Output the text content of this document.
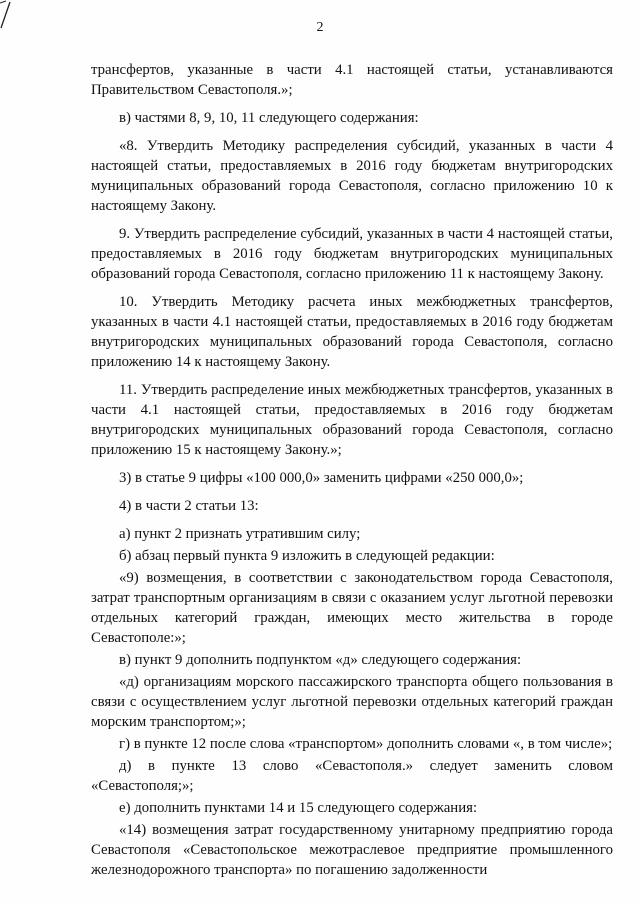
2

трансфертов, указанные в части 4.1 настоящей статьи, устанавливаются Правительством Севастополя.»;

в) частями 8, 9, 10, 11 следующего содержания:

«8. Утвердить Методику распределения субсидий, указанных в части 4 настоящей статьи, предоставляемых в 2016 году бюджетам внутригородских муниципальных образований города Севастополя, согласно приложению 10 к настоящему Закону.

9. Утвердить распределение субсидий, указанных в части 4 настоящей статьи, предоставляемых в 2016 году бюджетам внутригородских муниципальных образований города Севастополя, согласно приложению 11 к настоящему Закону.

10. Утвердить Методику расчета иных межбюджетных трансфертов, указанных в части 4.1 настоящей статьи, предоставляемых в 2016 году бюджетам внутригородских муниципальных образований города Севастополя, согласно приложению 14 к настоящему Закону.

11. Утвердить распределение иных межбюджетных трансфертов, указанных в части 4.1 настоящей статьи, предоставляемых в 2016 году бюджетам внутригородских муниципальных образований города Севастополя, согласно приложению 15 к настоящему Закону.»;

3) в статье 9 цифры «100 000,0» заменить цифрами «250 000,0»;

4) в части 2 статьи 13:

а) пункт 2 признать утратившим силу;

б) абзац первый пункта 9 изложить в следующей редакции:

«9) возмещения, в соответствии с законодательством города Севастополя, затрат транспортным организациям в связи с оказанием услуг льготной перевозки отдельных категорий граждан, имеющих место жительства в городе Севастополе:»;

в) пункт 9 дополнить подпунктом «д» следующего содержания:

«д) организациям морского пассажирского транспорта общего пользования в связи с осуществлением услуг льготной перевозки отдельных категорий граждан морским транспортом;»;

г) в пункте 12 после слова «транспортом» дополнить словами «, в том числе»;

д) в пункте 13 слово «Севастополя.» следует заменить словом «Севастополя;»;

е) дополнить пунктами 14 и 15 следующего содержания:

«14) возмещения затрат государственному унитарному предприятию города Севастополя «Севастопольское межотраслевое предприятие промышленного железнодорожного транспорта» по погашению задолженности
